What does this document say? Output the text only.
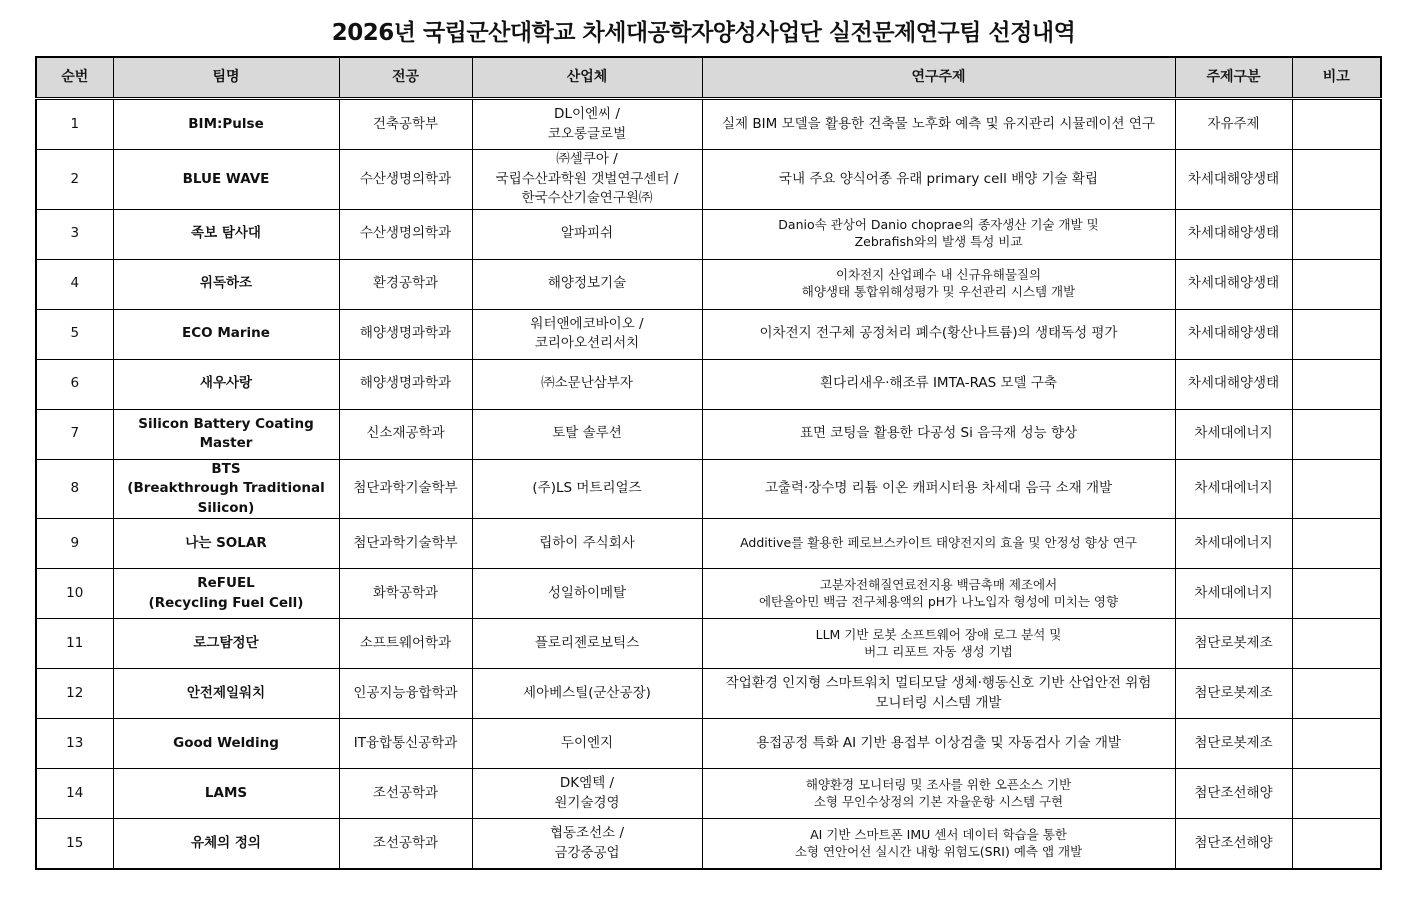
2026년 국립군산대학교 차세대공학자양성사업단 실전문제연구팀 선정내역
순번	팀명	전공	산업체	연구주제	주제구분	비고
1	BIM:Pulse	건축공학부	DL이엔씨 /
코오롱글로벌	실제 BIM 모델을 활용한 건축물 노후화 예측 및 유지관리 시뮬레이션 연구	자유주제	
2	BLUE WAVE	수산생명의학과	㈜셀쿠아 /
국립수산과학원 갯벌연구센터 /
한국수산기술연구원㈜	국내 주요 양식어종 유래 primary cell 배양 기술 확립	차세대해양생태	
3	족보 탐사대	수산생명의학과	알파피쉬	Danio속 관상어 Danio choprae의 종자생산 기술 개발 및
Zebrafish와의 발생 특성 비교	차세대해양생태	
4	위독하조	환경공학과	해양정보기술	이차전지 산업폐수 내 신규유해물질의
해양생태 통합위해성평가 및 우선관리 시스템 개발	차세대해양생태	
5	ECO Marine	해양생명과학과	워터앤에코바이오 /
코리아오션리서치	이차전지 전구체 공정처리 폐수(황산나트륨)의 생태독성 평가	차세대해양생태	
6	새우사랑	해양생명과학과	㈜소문난삼부자	흰다리새우·해조류 IMTA-RAS 모델 구축	차세대해양생태	
7	Silicon Battery Coating Master	신소재공학과	토탈 솔루션	표면 코팅을 활용한 다공성 Si 음극재 성능 향상	차세대에너지	
8	BTS
(Breakthrough Traditional Silicon)	첨단과학기술학부	(주)LS 머트리얼즈	고출력·장수명 리튬 이온 캐퍼시터용 차세대 음극 소재 개발	차세대에너지	
9	나는 SOLAR	첨단과학기술학부	립하이 주식회사	Additive를 활용한 페로브스카이트 태양전지의 효율 및 안정성 향상 연구	차세대에너지	
10	ReFUEL
(Recycling Fuel Cell)	화학공학과	성일하이메탈	고분자전해질연료전지용 백금촉매 제조에서
에탄올아민 백금 전구체용액의 pH가 나노입자 형성에 미치는 영향	차세대에너지	
11	로그탐정단	소프트웨어학과	플로리젠로보틱스	LLM 기반 로봇 소프트웨어 장애 로그 분석 및
버그 리포트 자동 생성 기법	첨단로봇제조	
12	안전제일워치	인공지능융합학과	세아베스틸(군산공장)	작업환경 인지형 스마트워치 멀티모달 생체·행동신호 기반 산업안전 위험
모니터링 시스템 개발	첨단로봇제조	
13	Good Welding	IT융합통신공학과	두이엔지	용접공정 특화 AI 기반 용접부 이상검출 및 자동검사 기술 개발	첨단로봇제조	
14	LAMS	조선공학과	DK엠텍 /
원기술경영	해양환경 모니터링 및 조사를 위한 오픈소스 기반
소형 무인수상정의 기본 자율운항 시스템 구현	첨단조선해양	
15	유체의 정의	조선공학과	협동조선소 /
금강중공업	AI 기반 스마트폰 IMU 센서 데이터 학습을 통한
소형 연안어선 실시간 내항 위험도(SRI) 예측 앱 개발	첨단조선해양	
